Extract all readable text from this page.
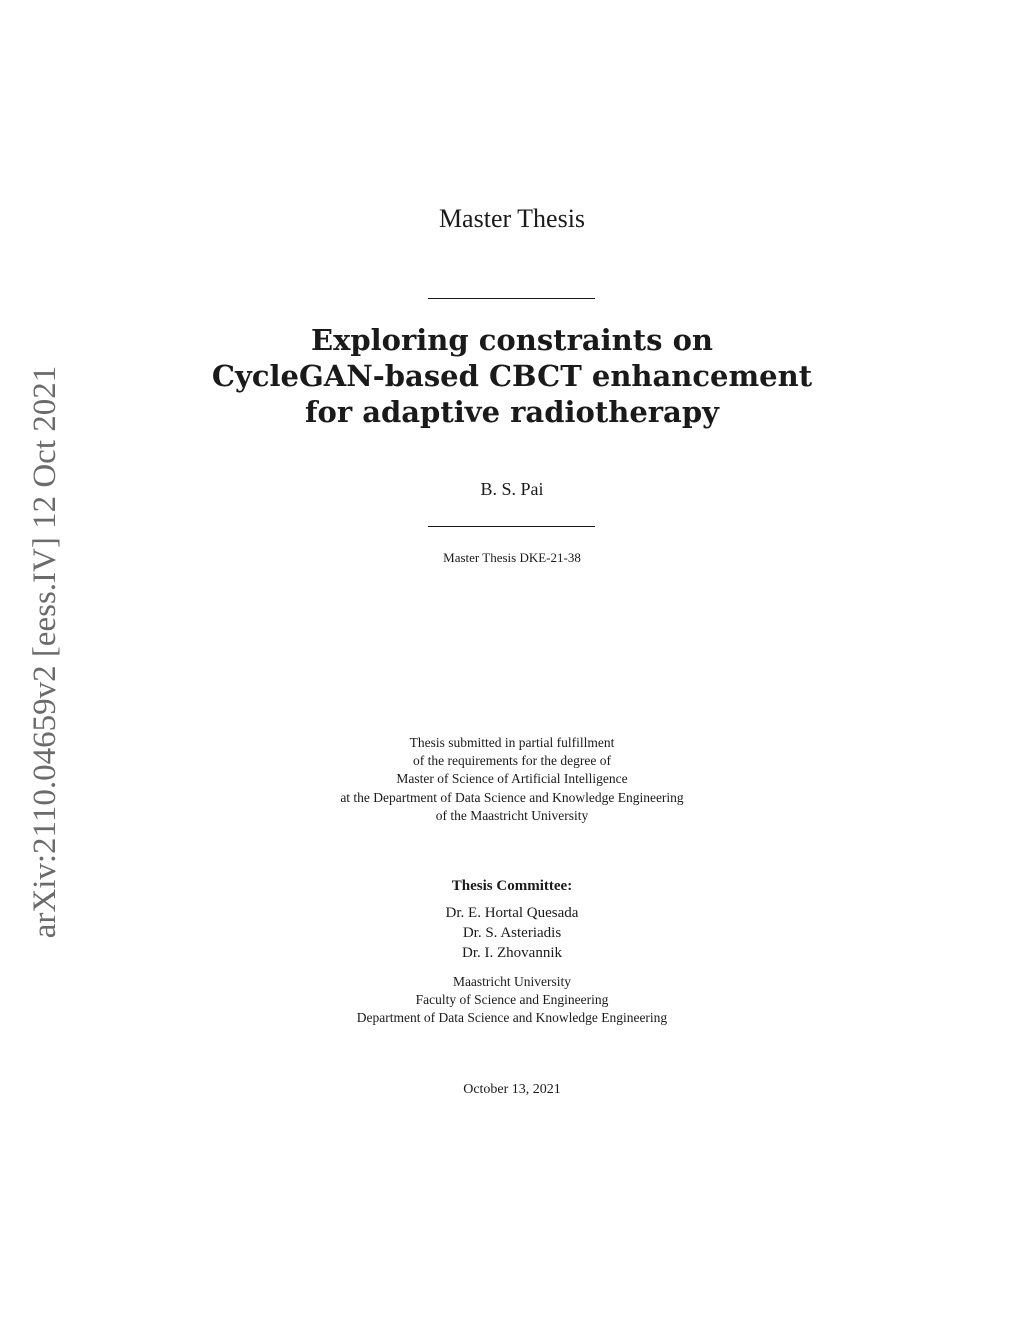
arXiv:2110.04659v2 [eess.IV] 12 Oct 2021
Master Thesis
Exploring constraints on
CycleGAN-based CBCT enhancement
for adaptive radiotherapy
B. S. Pai
Master Thesis DKE-21-38
Thesis submitted in partial fulfillment
of the requirements for the degree of
Master of Science of Artificial Intelligence
at the Department of Data Science and Knowledge Engineering
of the Maastricht University
Thesis Committee:
Dr. E. Hortal Quesada
Dr. S. Asteriadis
Dr. I. Zhovannik
Maastricht University
Faculty of Science and Engineering
Department of Data Science and Knowledge Engineering
October 13, 2021
